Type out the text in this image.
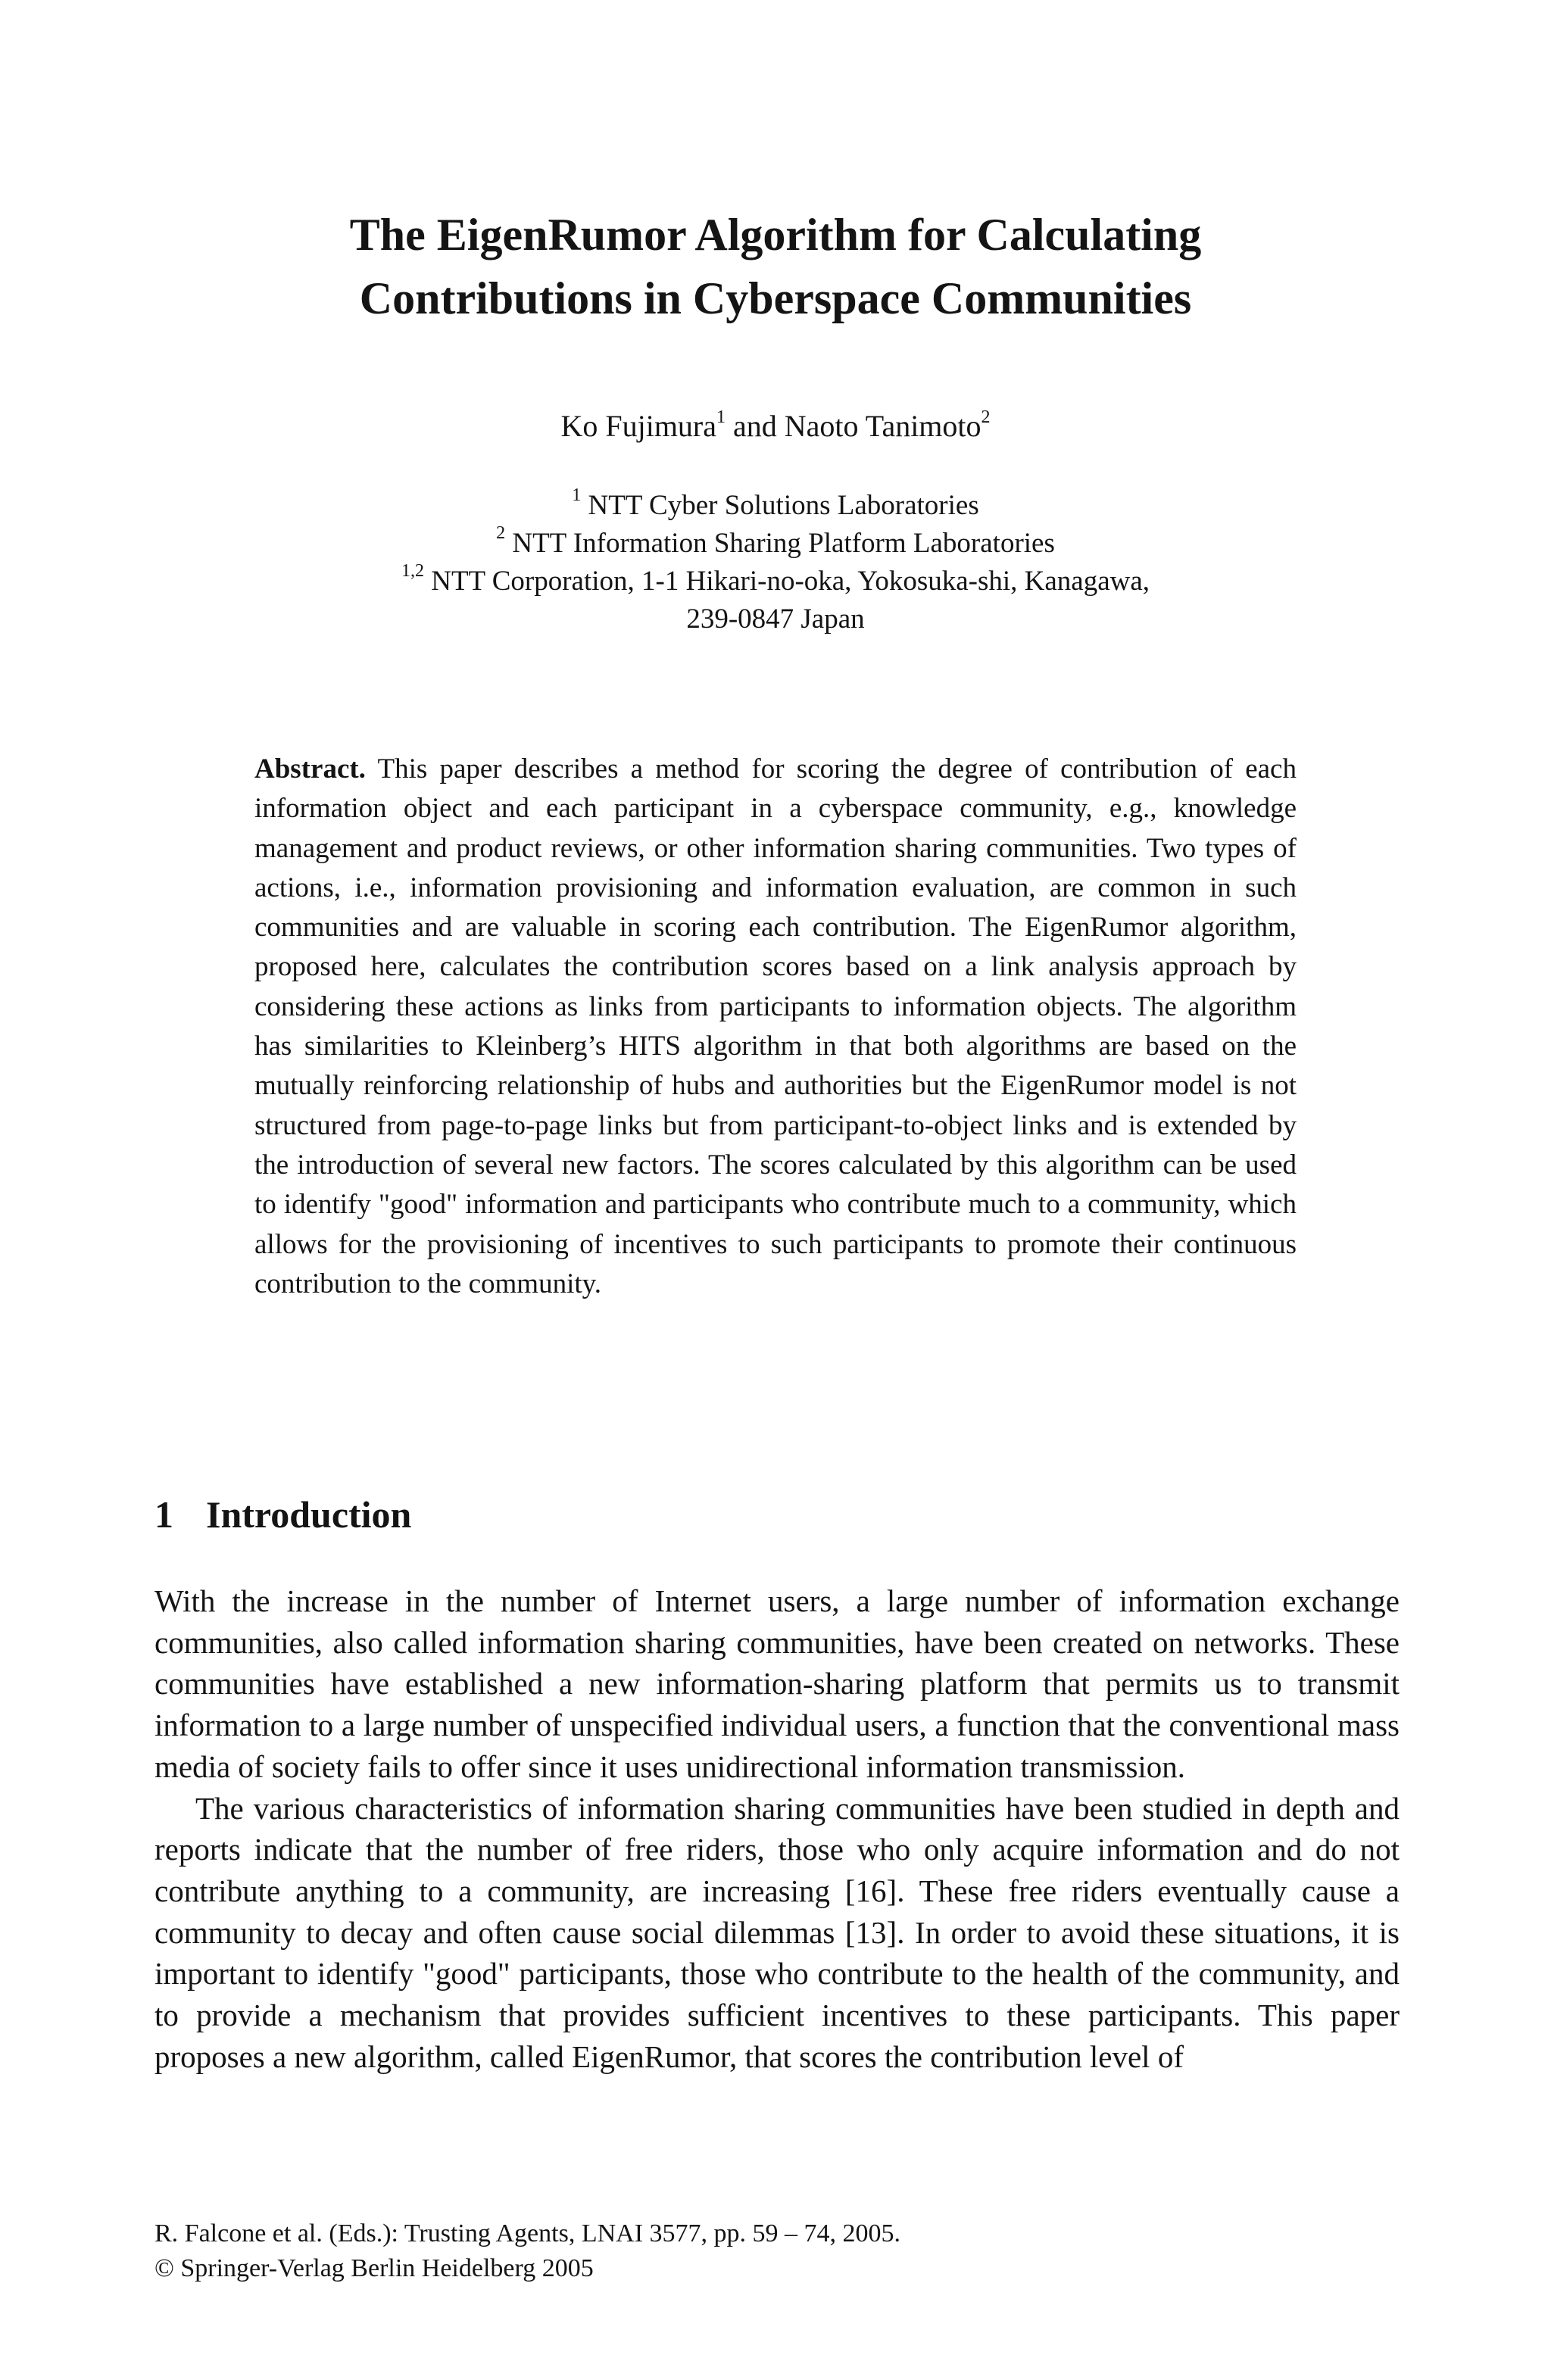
The EigenRumor Algorithm for Calculating
Contributions in Cyberspace Communities
Ko Fujimura$^1$ and Naoto Tanimoto$^2$
$^1$ NTT Cyber Solutions Laboratories
$^2$ NTT Information Sharing Platform Laboratories
$^{1,2}$ NTT Corporation, 1-1 Hikari-no-oka, Yokosuka-shi, Kanagawa,
239-0847 Japan
Abstract. This paper describes a method for scoring the degree of contribution of each information object and each participant in a cyberspace community, e.g., knowledge management and product reviews, or other information sharing communities. Two types of actions, i.e., information provisioning and information evaluation, are common in such communities and are valuable in scoring each contribution. The EigenRumor algorithm, proposed here, calculates the contribution scores based on a link analysis approach by considering these actions as links from participants to information objects. The algorithm has similarities to Kleinberg’s HITS algorithm in that both algorithms are based on the mutually reinforcing relationship of hubs and authorities but the EigenRumor model is not structured from page-to-page links but from participant-to-object links and is extended by the introduction of several new factors. The scores calculated by this algorithm can be used to identify "good" information and participants who contribute much to a community, which allows for the provisioning of incentives to such participants to promote their continuous contribution to the community.
1 Introduction

With the increase in the number of Internet users, a large number of information exchange communities, also called information sharing communities, have been created on networks. These communities have established a new information-sharing platform that permits us to transmit information to a large number of unspecified individual users, a function that the conventional mass media of society fails to offer since it uses unidirectional information transmission.

The various characteristics of information sharing communities have been studied in depth and reports indicate that the number of free riders, those who only acquire information and do not contribute anything to a community, are increasing [16]. These free riders eventually cause a community to decay and often cause social dilemmas [13]. In order to avoid these situations, it is important to identify "good" participants, those who contribute to the health of the community, and to provide a mechanism that provides sufficient incentives to these participants. This paper proposes a new algorithm, called EigenRumor, that scores the contribution level of

R. Falcone et al. (Eds.): Trusting Agents, LNAI 3577, pp. 59 – 74, 2005.
© Springer-Verlag Berlin Heidelberg 2005
